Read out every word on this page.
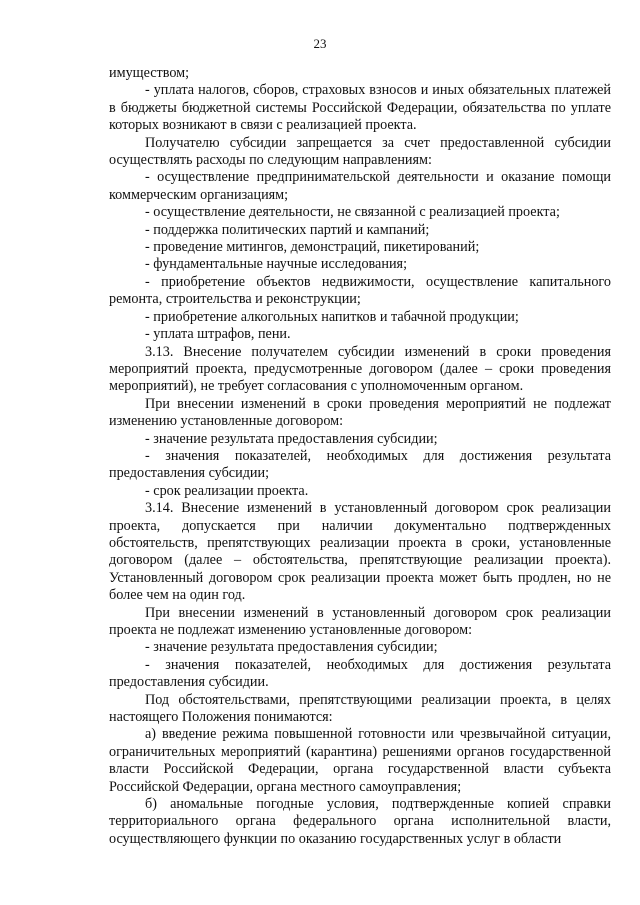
23

имуществом;

- уплата налогов, сборов, страховых взносов и иных обязательных платежей в бюджеты бюджетной системы Российской Федерации, обязательства по уплате которых возникают в связи с реализацией проекта.

Получателю субсидии запрещается за счет предоставленной субсидии осуществлять расходы по следующим направлениям:

- осуществление предпринимательской деятельности и оказание помощи коммерческим организациям;

- осуществление деятельности, не связанной с реализацией проекта;

- поддержка политических партий и кампаний;

- проведение митингов, демонстраций, пикетирований;

- фундаментальные научные исследования;

- приобретение объектов недвижимости, осуществление капитального ремонта, строительства и реконструкции;

- приобретение алкогольных напитков и табачной продукции;

- уплата штрафов, пени.

3.13. Внесение получателем субсидии изменений в сроки проведения мероприятий проекта, предусмотренные договором (далее – сроки проведения мероприятий), не требует согласования с уполномоченным органом.

При внесении изменений в сроки проведения мероприятий не подлежат изменению установленные договором:

- значение результата предоставления субсидии;

- значения показателей, необходимых для достижения результата предоставления субсидии;

- срок реализации проекта.

3.14. Внесение изменений в установленный договором срок реализации проекта, допускается при наличии документально подтвержденных обстоятельств, препятствующих реализации проекта в сроки, установленные договором (далее – обстоятельства, препятствующие реализации проекта). Установленный договором срок реализации проекта может быть продлен, но не более чем на один год.

При внесении изменений в установленный договором срок реализации проекта не подлежат изменению установленные договором:

- значение результата предоставления субсидии;

- значения показателей, необходимых для достижения результата предоставления субсидии.

Под обстоятельствами, препятствующими реализации проекта, в целях настоящего Положения понимаются:

а) введение режима повышенной готовности или чрезвычайной ситуации, ограничительных мероприятий (карантина) решениями органов государственной власти Российской Федерации, органа государственной власти субъекта Российской Федерации, органа местного самоуправления;

б) аномальные погодные условия, подтвержденные копией справки территориального органа федерального органа исполнительной власти, осуществляющего функции по оказанию государственных услуг в области
